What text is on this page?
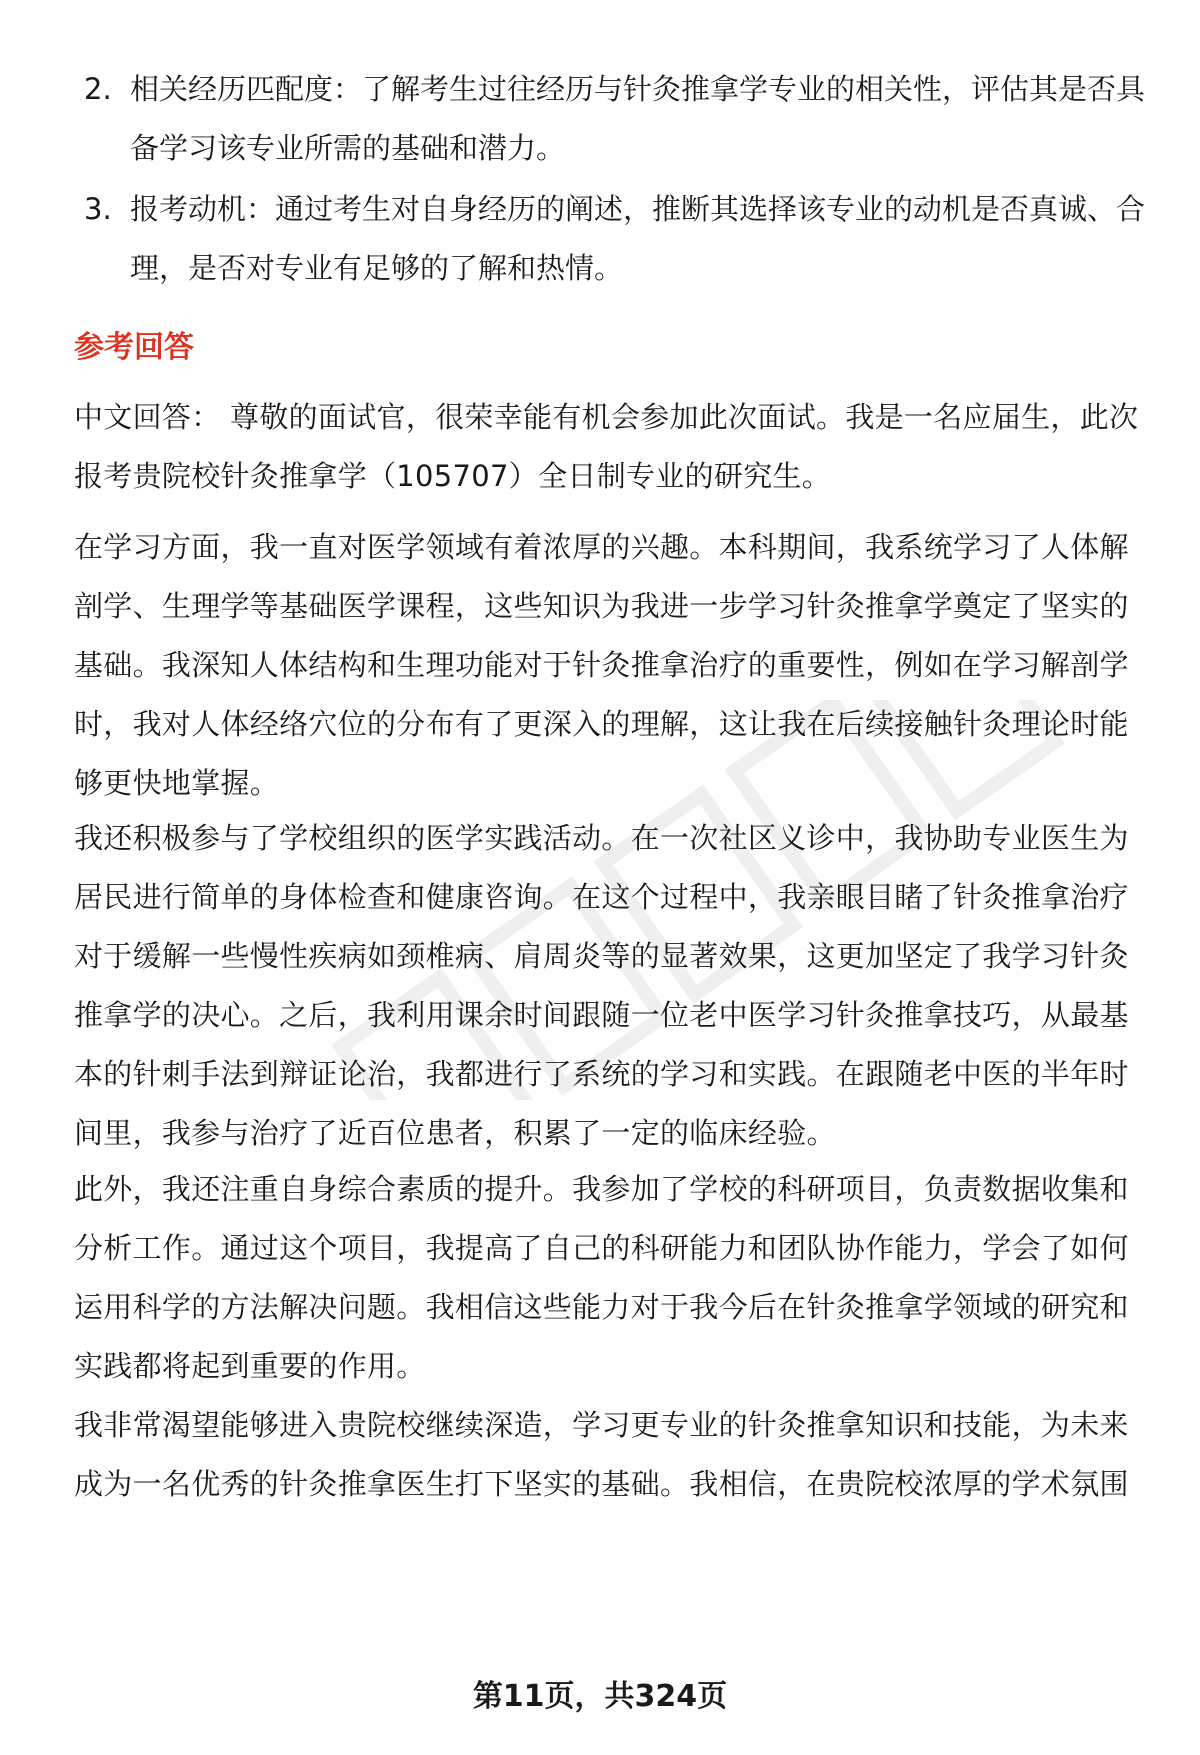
2. 相关经历匹配度：了解考生过往经历与针灸推拿学专业的相关性，评估其是否具备学习该专业所需的基础和潜力。
3. 报考动机：通过考生对自身经历的阐述，推断其选择该专业的动机是否真诚、合理，是否对专业有足够的了解和热情。
参考回答

中文回答： 尊敬的面试官，很荣幸能有机会参加此次面试。我是一名应届生，此次报考贵院校针灸推拿学（105707）全日制专业的研究生。

在学习方面，我一直对医学领域有着浓厚的兴趣。本科期间，我系统学习了人体解剖学、生理学等基础医学课程，这些知识为我进一步学习针灸推拿学奠定了坚实的基础。我深知人体结构和生理功能对于针灸推拿治疗的重要性，例如在学习解剖学时，我对人体经络穴位的分布有了更深入的理解，这让我在后续接触针灸理论时能够更快地掌握。

我还积极参与了学校组织的医学实践活动。在一次社区义诊中，我协助专业医生为居民进行简单的身体检查和健康咨询。在这个过程中，我亲眼目睹了针灸推拿治疗对于缓解一些慢性疾病如颈椎病、肩周炎等的显著效果，这更加坚定了我学习针灸推拿学的决心。之后，我利用课余时间跟随一位老中医学习针灸推拿技巧，从最基本的针刺手法到辩证论治，我都进行了系统的学习和实践。在跟随老中医的半年时间里，我参与治疗了近百位患者，积累了一定的临床经验。

此外，我还注重自身综合素质的提升。我参加了学校的科研项目，负责数据收集和分析工作。通过这个项目，我提高了自己的科研能力和团队协作能力，学会了如何运用科学的方法解决问题。我相信这些能力对于我今后在针灸推拿学领域的研究和实践都将起到重要的作用。

我非常渴望能够进入贵院校继续深造，学习更专业的针灸推拿知识和技能，为未来成为一名优秀的针灸推拿医生打下坚实的基础。我相信，在贵院校浓厚的学术氛围

第11页，共324页
